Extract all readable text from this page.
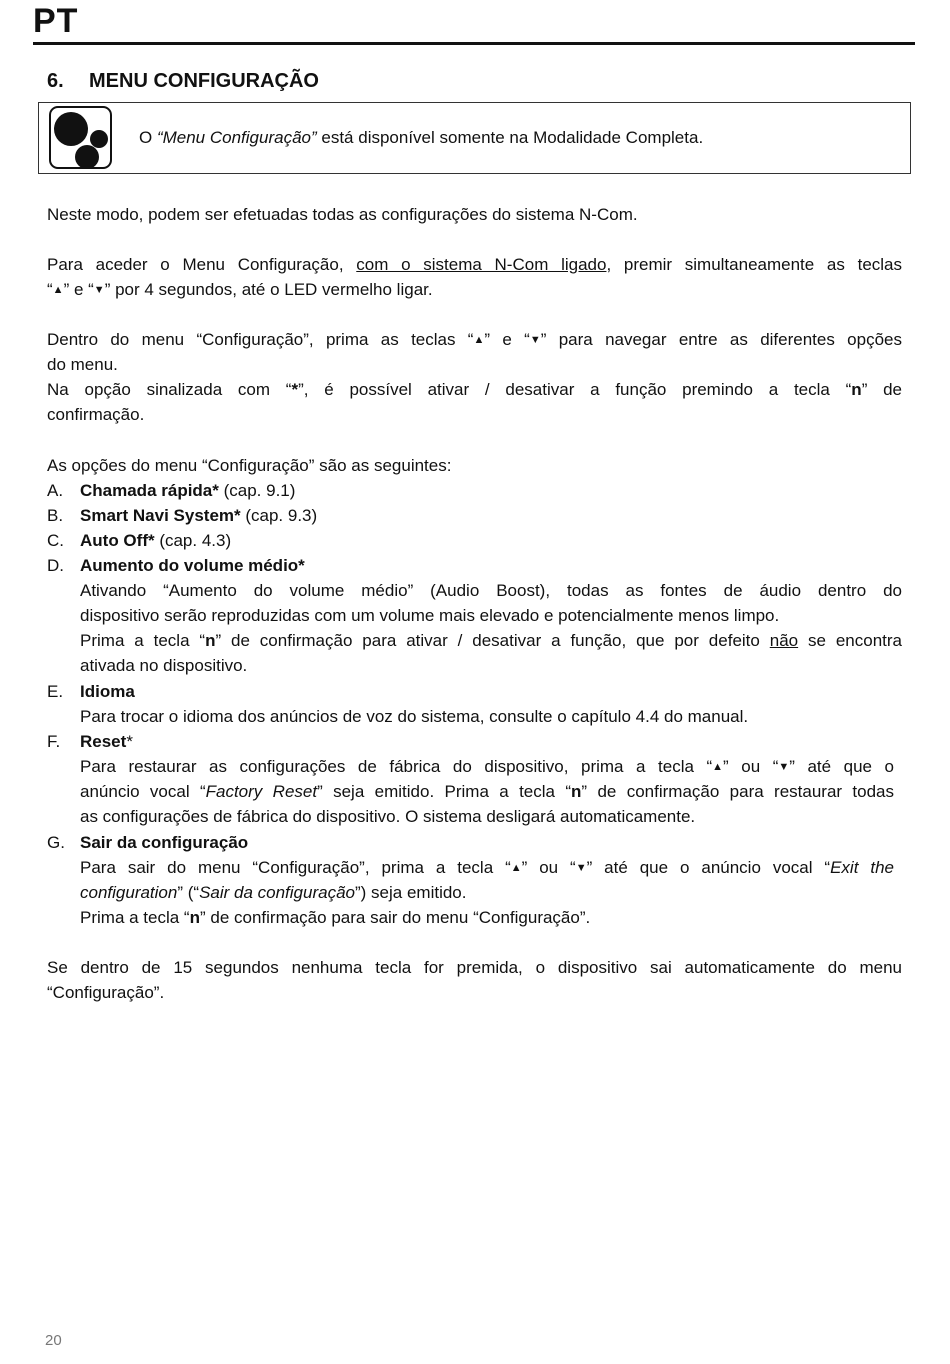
PT
6. MENU CONFIGURAÇÃO
O “Menu Configuração” está disponível somente na Modalidade Completa.
Neste modo, podem ser efetuadas todas as configurações do sistema N-Com.
Para aceder o Menu Configuração, com o sistema N-Com ligado, premir simultaneamente as teclas
“▲” e “▼” por 4 segundos, até o LED vermelho ligar.
Dentro do menu “Configuração”, prima as teclas “▲” e “▼” para navegar entre as diferentes opções
do menu.
Na opção sinalizada com “*”, é possível ativar / desativar a função premindo a tecla “n” de
confirmação.
As opções do menu “Configuração” são as seguintes:
A. Chamada rápida* (cap. 9.1)
B. Smart Navi System* (cap. 9.3)
C. Auto Off* (cap. 4.3)
D. Aumento do volume médio*
Ativando “Aumento do volume médio” (Audio Boost), todas as fontes de áudio dentro do
dispositivo serão reproduzidas com um volume mais elevado e potencialmente menos limpo.
Prima a tecla “n” de confirmação para ativar / desativar a função, que por defeito não se encontra
ativada no dispositivo.
E. Idioma
Para trocar o idioma dos anúncios de voz do sistema, consulte o capítulo 4.4 do manual.
F.	Reset*
Para restaurar as configurações de fábrica do dispositivo, prima a tecla “▲” ou “▼” até que o
anúncio vocal “Factory Reset” seja emitido. Prima a tecla “n” de confirmação para restaurar todas
as configurações de fábrica do dispositivo. O sistema desligará automaticamente.
G. Sair da configuração
Para sair do menu “Configuração”, prima a tecla “▲” ou “▼” até que o anúncio vocal “Exit the
configuration” (“Sair da configuração”) seja emitido.
Prima a tecla “n” de confirmação para sair do menu “Configuração”.
Se dentro de 15 segundos nenhuma tecla for premida, o dispositivo sai automaticamente do menu
“Configuração”.
20
